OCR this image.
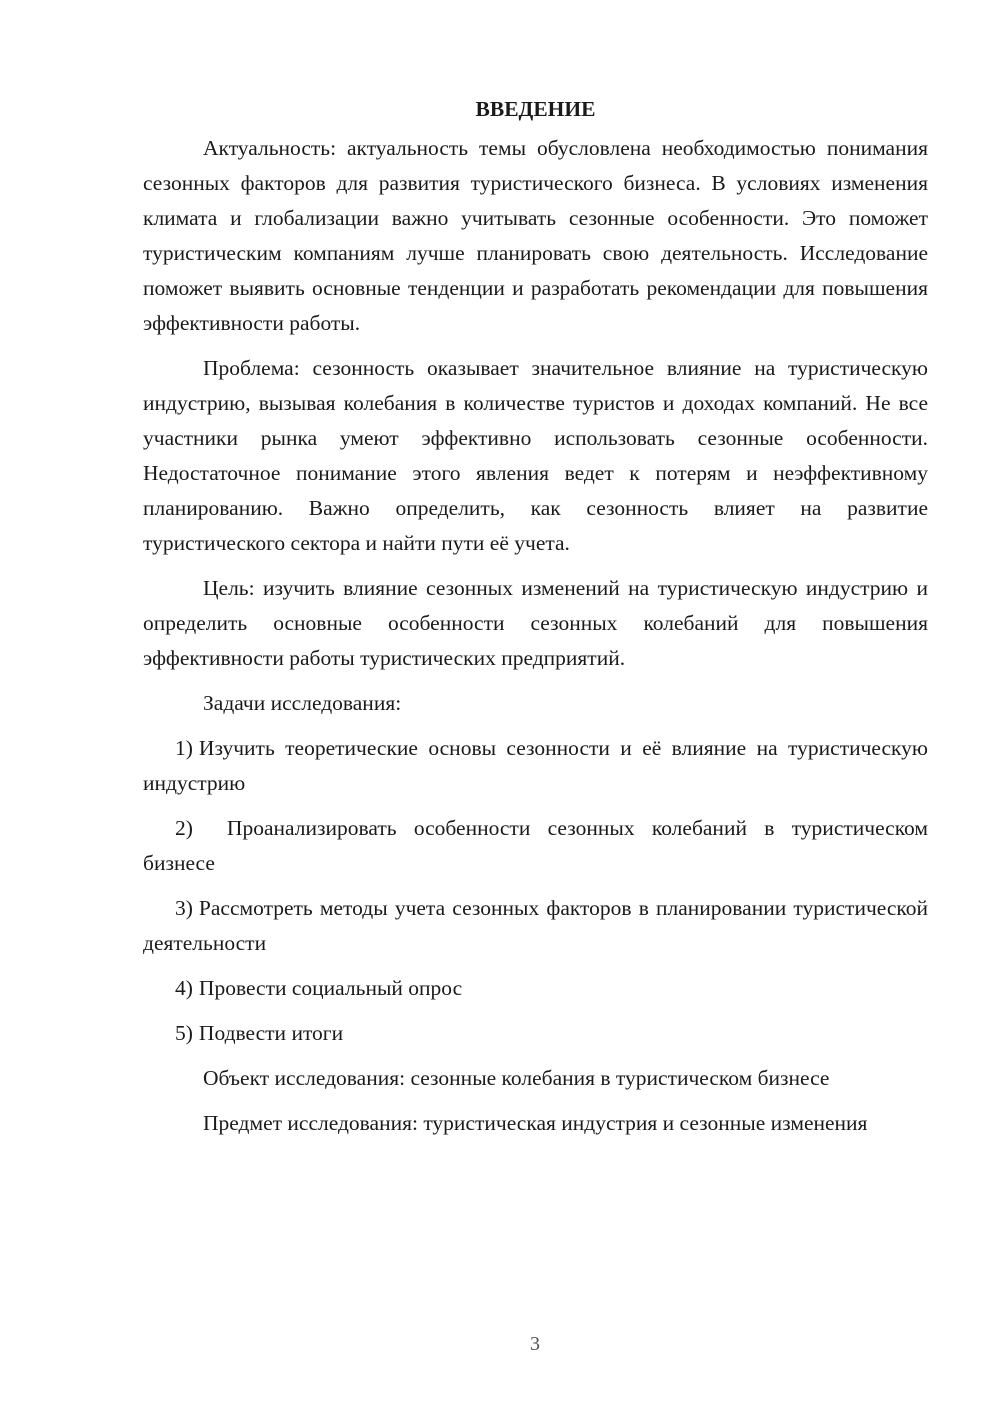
ВВЕДЕНИЕ

Актуальность: актуальность темы обусловлена необходимостью понимания сезонных факторов для развития туристического бизнеса. В условиях изменения климата и глобализации важно учитывать сезонные особенности. Это поможет туристическим компаниям лучше планировать свою деятельность. Исследование поможет выявить основные тенденции и разработать рекомендации для повышения эффективности работы.

Проблема: сезонность оказывает значительное влияние на туристическую индустрию, вызывая колебания в количестве туристов и доходах компаний. Не все участники рынка умеют эффективно использовать сезонные особенности. Недостаточное понимание этого явления ведет к потерям и неэффективному планированию. Важно определить, как сезонность влияет на развитие туристического сектора и найти пути её учета.

Цель: изучить влияние сезонных изменений на туристическую индустрию и определить основные особенности сезонных колебаний для повышения эффективности работы туристических предприятий.

Задачи исследования:

1) Изучить теоретические основы сезонности и её влияние на туристическую индустрию

2) Проанализировать особенности сезонных колебаний в туристическом бизнесе

3) Рассмотреть методы учета сезонных факторов в планировании туристической деятельности

4) Провести социальный опрос

5) Подвести итоги

Объект исследования: сезонные колебания в туристическом бизнесе

Предмет исследования: туристическая индустрия и сезонные изменения

3
